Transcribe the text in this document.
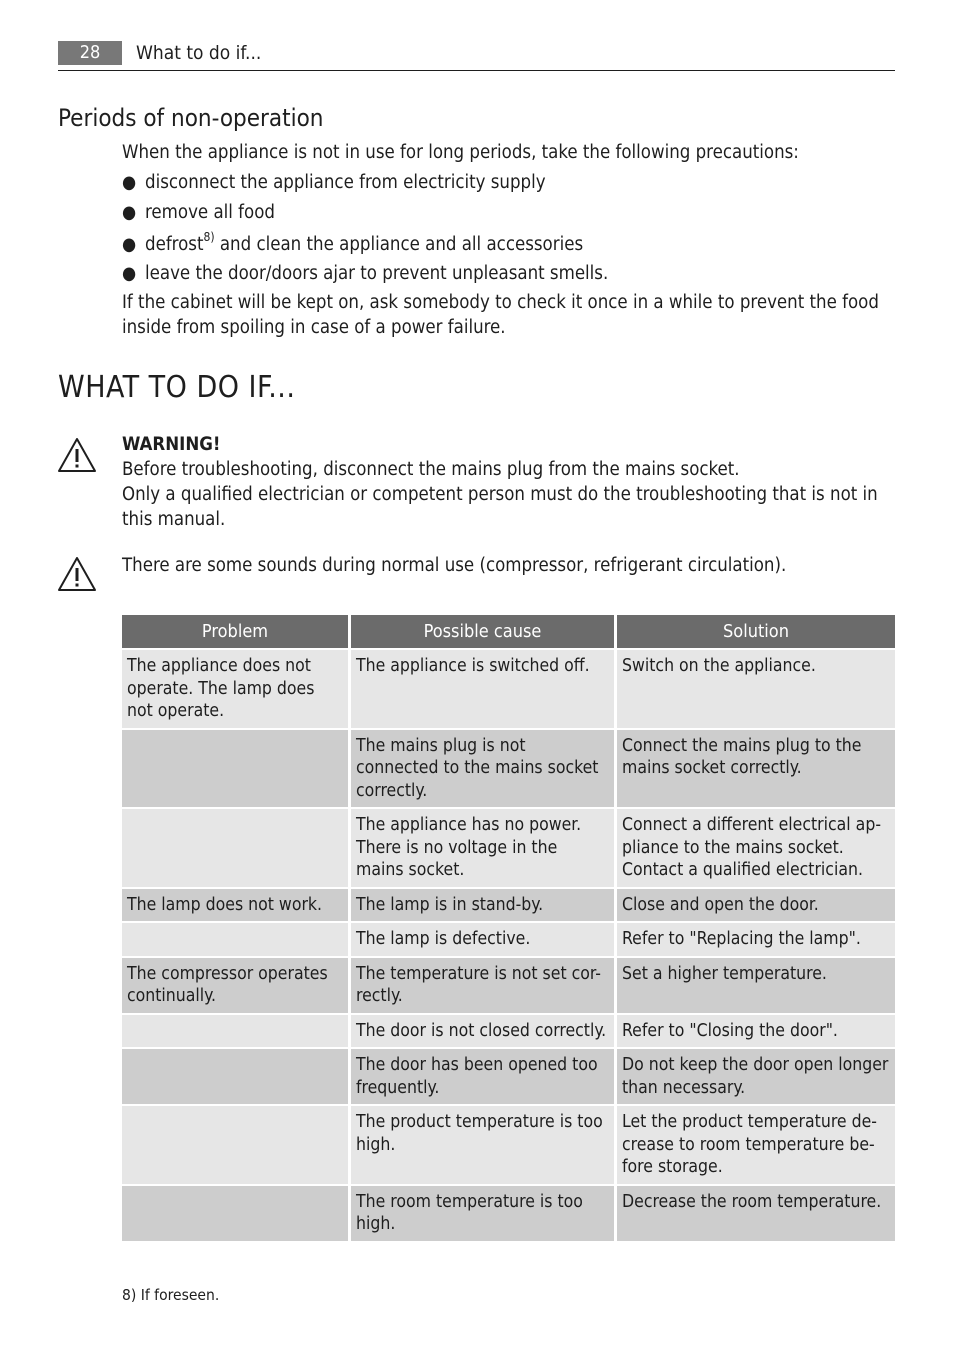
28	What to do if...
Periods of non-operation

When the appliance is not in use for long periods, take the following precautions:

● disconnect the appliance from electricity supply
● remove all food
● defrost$^{8)}$ and clean the appliance and all accessories
● leave the door/doors ajar to prevent unpleasant smells.

If the cabinet will be kept on, ask somebody to check it once in a while to prevent the food inside from spoiling in case of a power failure.

WHAT TO DO IF...
WARNING!
Before troubleshooting, disconnect the mains plug from the mains socket.
Only a qualified electrician or competent person must do the troubleshooting that is not in this manual.

There are some sounds during normal use (compressor, refrigerant circulation).

Problem	Possible cause	Solution
The appliance does not operate. The lamp does not operate.	The appliance is switched off.	Switch on the appliance.
	The mains plug is not connected to the mains socket correctly.	Connect the mains plug to the mains socket correctly.
	The appliance has no power. There is no voltage in the mains socket.	Connect a different electrical ap-pliance to the mains socket. Contact a qualified electrician.
The lamp does not work.	The lamp is in stand-by.	Close and open the door.
	The lamp is defective.	Refer to "Replacing the lamp".
The compressor operates continually.	The temperature is not set cor-rectly.	Set a higher temperature.
	The door is not closed correctly.	Refer to "Closing the door".
	The door has been opened too frequently.	Do not keep the door open longer than necessary.
	The product temperature is too high.	Let the product temperature de-crease to room temperature be-fore storage.
	The room temperature is too high.	Decrease the room temperature.
8) If foreseen.
